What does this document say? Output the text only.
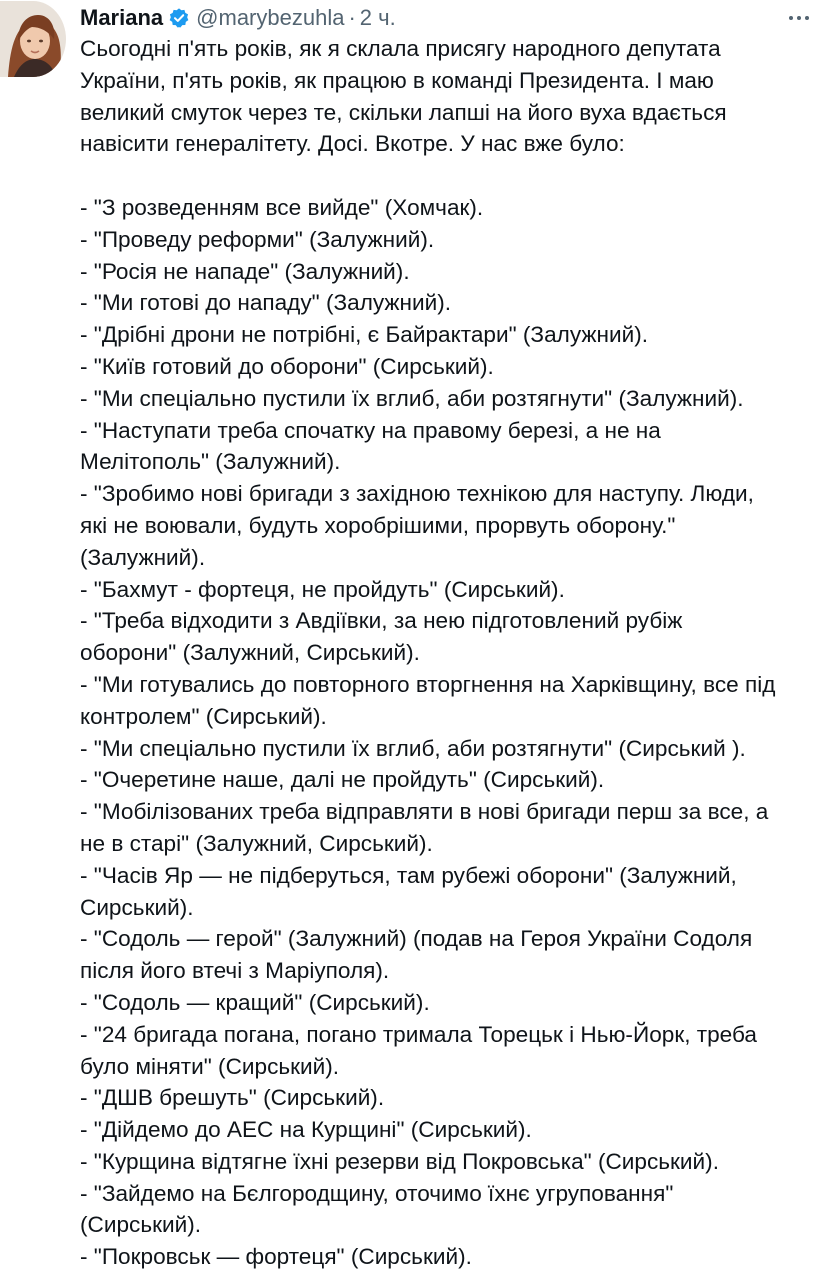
Mariana @marybezuhla · 2 ч.
Сьогодні п'ять років, як я склала присягу народного депутата
України, п'ять років, як працюю в команді Президента. І маю
великий смуток через те, скільки лапші на його вуха вдається
навісити генералітету. Досі. Вкотре. У нас вже було:
- "З розведенням все вийде" (Хомчак).
- "Проведу реформи" (Залужний).
- "Росія не нападе" (Залужний).
- "Ми готові до нападу" (Залужний).
- "Дрібні дрони не потрібні, є Байрактари" (Залужний).
- "Київ готовий до оборони" (Сирський).
- "Ми спеціально пустили їх вглиб, аби розтягнути" (Залужний).
- "Наступати треба спочатку на правому березі, а не на
Мелітополь" (Залужний).
- "Зробимо нові бригади з західною технікою для наступу. Люди,
які не воювали, будуть хоробрішими, прорвуть оборону."
(Залужний).
- "Бахмут - фортеця, не пройдуть" (Сирський).
- "Треба відходити з Авдіївки, за нею підготовлений рубіж
оборони" (Залужний, Сирський).
- "Ми готувались до повторного вторгнення на Харківщину, все під
контролем" (Сирський).
- "Ми спеціально пустили їх вглиб, аби розтягнути" (Сирський ).
- "Очеретине наше, далі не пройдуть" (Сирський).
- "Мобілізованих треба відправляти в нові бригади перш за все, а
не в старі" (Залужний, Сирський).
- "Часів Яр — не підберуться, там рубежі оборони" (Залужний,
Сирський).
- "Содоль — герой" (Залужний) (подав на Героя України Содоля
після його втечі з Маріуполя).
- "Содоль — кращий" (Сирський).
- "24 бригада погана, погано тримала Торецьк і Нью-Йорк, треба
було міняти" (Сирський).
- "ДШВ брешуть" (Сирський).
- "Дійдемо до АЕС на Курщині" (Сирський).
- "Курщина відтягне їхні резерви від Покровська" (Сирський).
- "Зайдемо на Бєлгородщину, оточимо їхнє угруповання"
(Сирський).
- "Покровськ — фортеця" (Сирський).
